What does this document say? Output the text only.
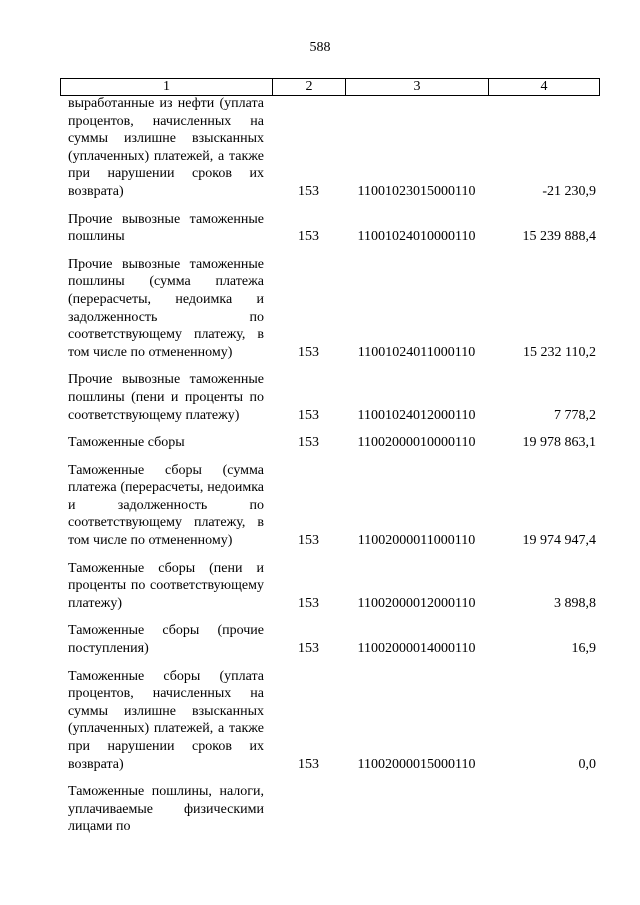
588
1	2	3	4
выработанные из нефти (уплата процентов, начисленных на суммы излишне взысканных (уплаченных) платежей, а также при нарушении сроков их возврата)	153	11001023015000110	-21 230,9
Прочие вывозные таможенные пошлины	153	11001024010000110	15 239 888,4
Прочие вывозные таможенные пошлины (сумма платежа (перерасчеты, недоимка и задолженность по соответствующему платежу, в том числе по отмененному)	153	11001024011000110	15 232 110,2
Прочие вывозные таможенные пошлины (пени и проценты по соответствующему платежу)	153	11001024012000110	7 778,2
Таможенные сборы	153	11002000010000110	19 978 863,1
Таможенные сборы (сумма платежа (перерасчеты, недоимка и задолженность по соответствующему платежу, в том числе по отмененному)	153	11002000011000110	19 974 947,4
Таможенные сборы (пени и проценты по соответствующему платежу)	153	11002000012000110	3 898,8
Таможенные сборы (прочие поступления)	153	11002000014000110	16,9
Таможенные сборы (уплата процентов, начисленных на суммы излишне взысканных (уплаченных) платежей, а также при нарушении сроков их возврата)	153	11002000015000110	0,0
Таможенные пошлины, налоги, уплачиваемые физическими лицами по
